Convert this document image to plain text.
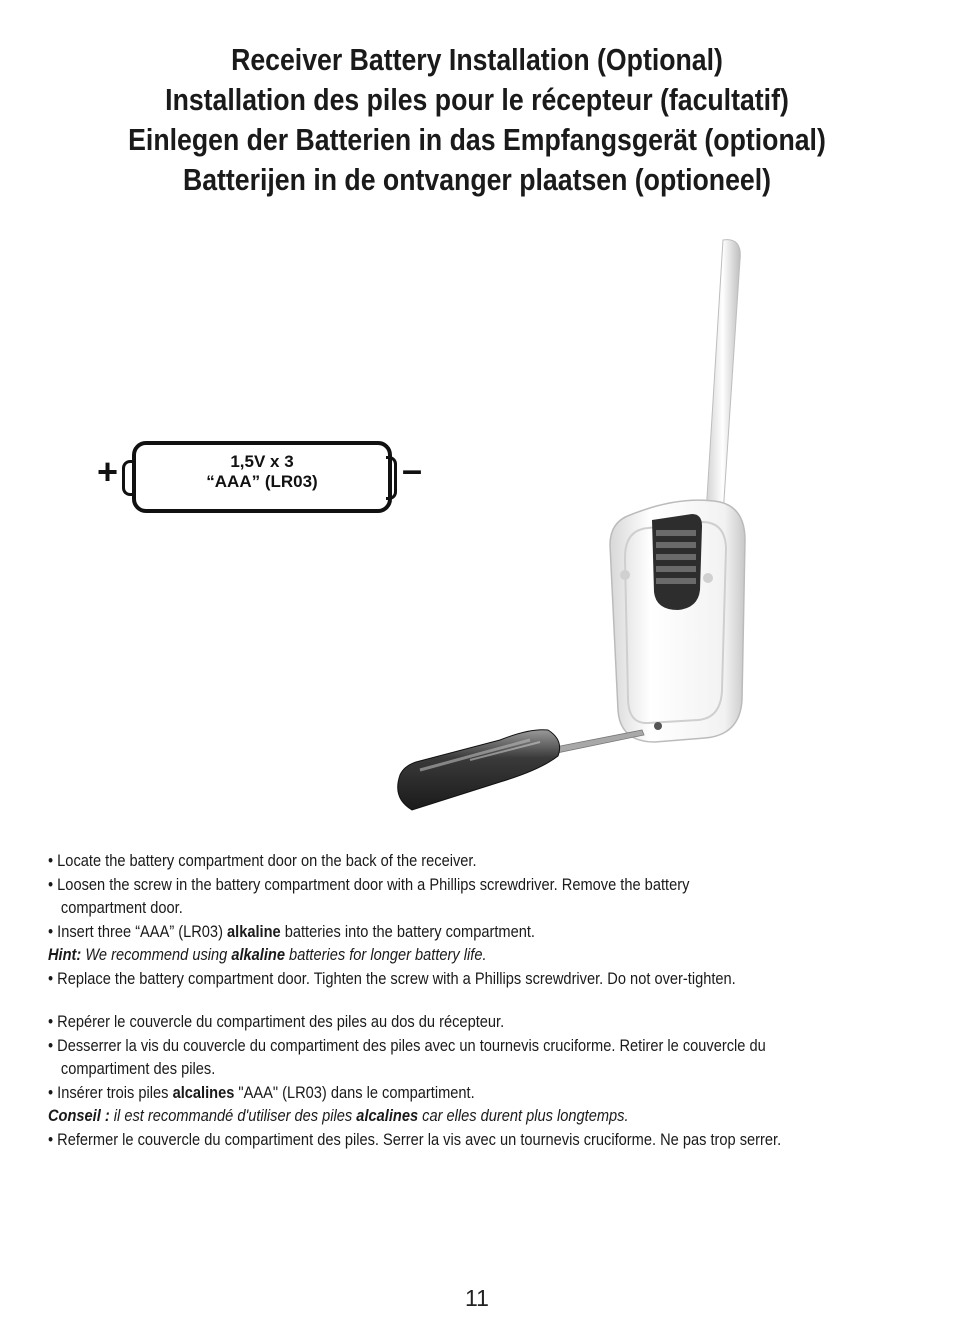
Receiver Battery Installation (Optional)
Installation des piles pour le récepteur (facultatif)
Einlegen der Batterien in das Empfangsgerät (optional)
Batterijen in de ontvanger plaatsen (optioneel)
+	–
1,5V x 3
“AAA” (LR03)
• Locate the battery compartment door on the back of the receiver.
• Loosen the screw in the battery compartment door with a Phillips screwdriver. Remove the battery
compartment door.
• Insert three “AAA” (LR03) alkaline batteries into the battery compartment.
Hint: We recommend using alkaline batteries for longer battery life.
• Replace the battery compartment door. Tighten the screw with a Phillips screwdriver. Do not over-tighten.
• Repérer le couvercle du compartiment des piles au dos du récepteur.
• Desserrer la vis du couvercle du compartiment des piles avec un tournevis cruciforme. Retirer le couvercle du
compartiment des piles.
• Insérer trois piles alcalines "AAA" (LR03) dans le compartiment.
Conseil : il est recommandé d'utiliser des piles alcalines car elles durent plus longtemps.
• Refermer le couvercle du compartiment des piles. Serrer la vis avec un tournevis cruciforme. Ne pas trop serrer.
11
